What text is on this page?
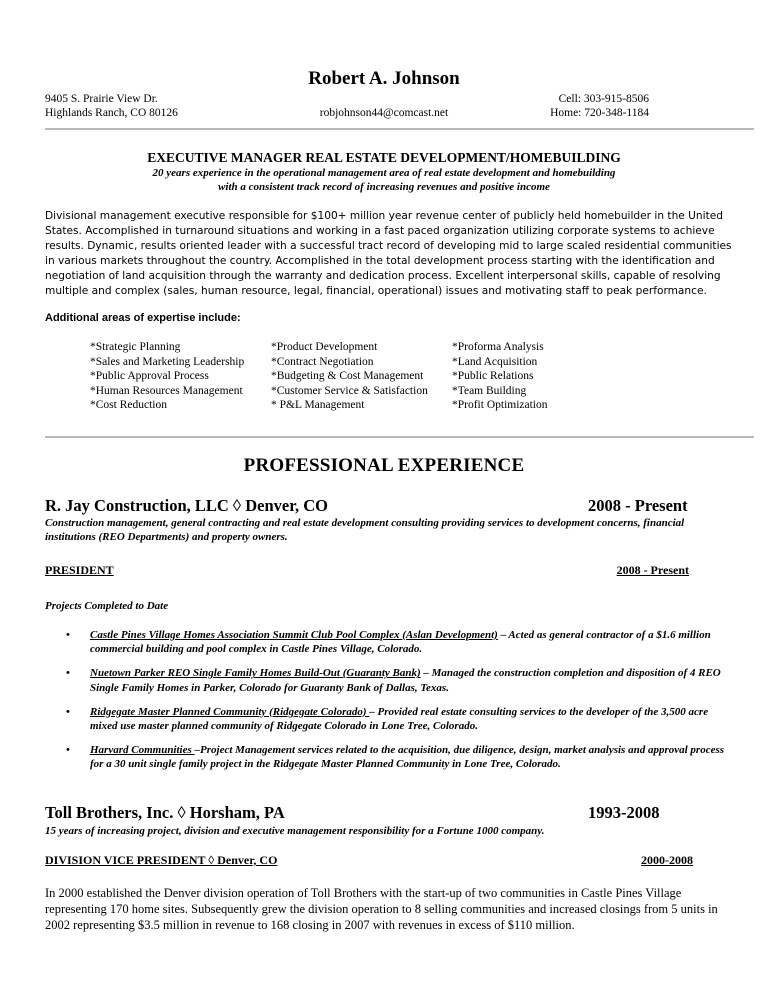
Robert A. Johnson
9405 S. Prairie View Dr.
Highlands Ranch, CO 80126	robjohnson44@comcast.net
Cell: 303-915-8506
Home: 720-348-1184
EXECUTIVE MANAGER REAL ESTATE DEVELOPMENT/HOMEBUILDING
20 years experience in the operational management area of real estate development and homebuilding
with a consistent track record of increasing revenues and positive income
Divisional management executive responsible for $100+ million year revenue center of publicly held homebuilder in the United States. Accomplished in turnaround situations and working in a fast paced organization utilizing corporate systems to achieve results. Dynamic, results oriented leader with a successful tract record of developing mid to large scaled residential communities in various markets throughout the country. Accomplished in the total development process starting with the identification and negotiation of land acquisition through the warranty and dedication process. Excellent interpersonal skills, capable of resolving multiple and complex (sales, human resource, legal, financial, operational) issues and motivating staff to peak performance.
Additional areas of expertise include:
*Strategic Planning
*Sales and Marketing Leadership
*Public Approval Process
*Human Resources Management
*Cost Reduction
*Product Development
*Contract Negotiation
*Budgeting & Cost Management
*Customer Service & Satisfaction
* P&L Management
*Proforma Analysis
*Land Acquisition
*Public Relations
*Team Building
*Profit Optimization
PROFESSIONAL EXPERIENCE
R. Jay Construction, LLC ◊ Denver, CO	2008 - Present
Construction management, general contracting and real estate development consulting providing services to development concerns, financial institutions (REO Departments) and property owners.
PRESIDENT	2008 - Present
Projects Completed to Date
• Castle Pines Village Homes Association Summit Club Pool Complex (Aslan Development) – Acted as general contractor of a $1.6 million commercial building and pool complex in Castle Pines Village, Colorado.
• Nuetown Parker REO Single Family Homes Build-Out (Guaranty Bank) – Managed the construction completion and disposition of 4 REO Single Family Homes in Parker, Colorado for Guaranty Bank of Dallas, Texas.
• Ridgegate Master Planned Community (Ridgegate Colorado) – Provided real estate consulting services to the developer of the 3,500 acre mixed use master planned community of Ridgegate Colorado in Lone Tree, Colorado.
• Harvard Communities –Project Management services related to the acquisition, due diligence, design, market analysis and approval process for a 30 unit single family project in the Ridgegate Master Planned Community in Lone Tree, Colorado.
Toll Brothers, Inc. ◊ Horsham, PA	1993-2008
15 years of increasing project, division and executive management responsibility for a Fortune 1000 company.
DIVISION VICE PRESIDENT ◊ Denver, CO	2000-2008
In 2000 established the Denver division operation of Toll Brothers with the start-up of two communities in Castle Pines Village representing 170 home sites. Subsequently grew the division operation to 8 selling communities and increased closings from 5 units in 2002 representing $3.5 million in revenue to 168 closing in 2007 with revenues in excess of $110 million.
